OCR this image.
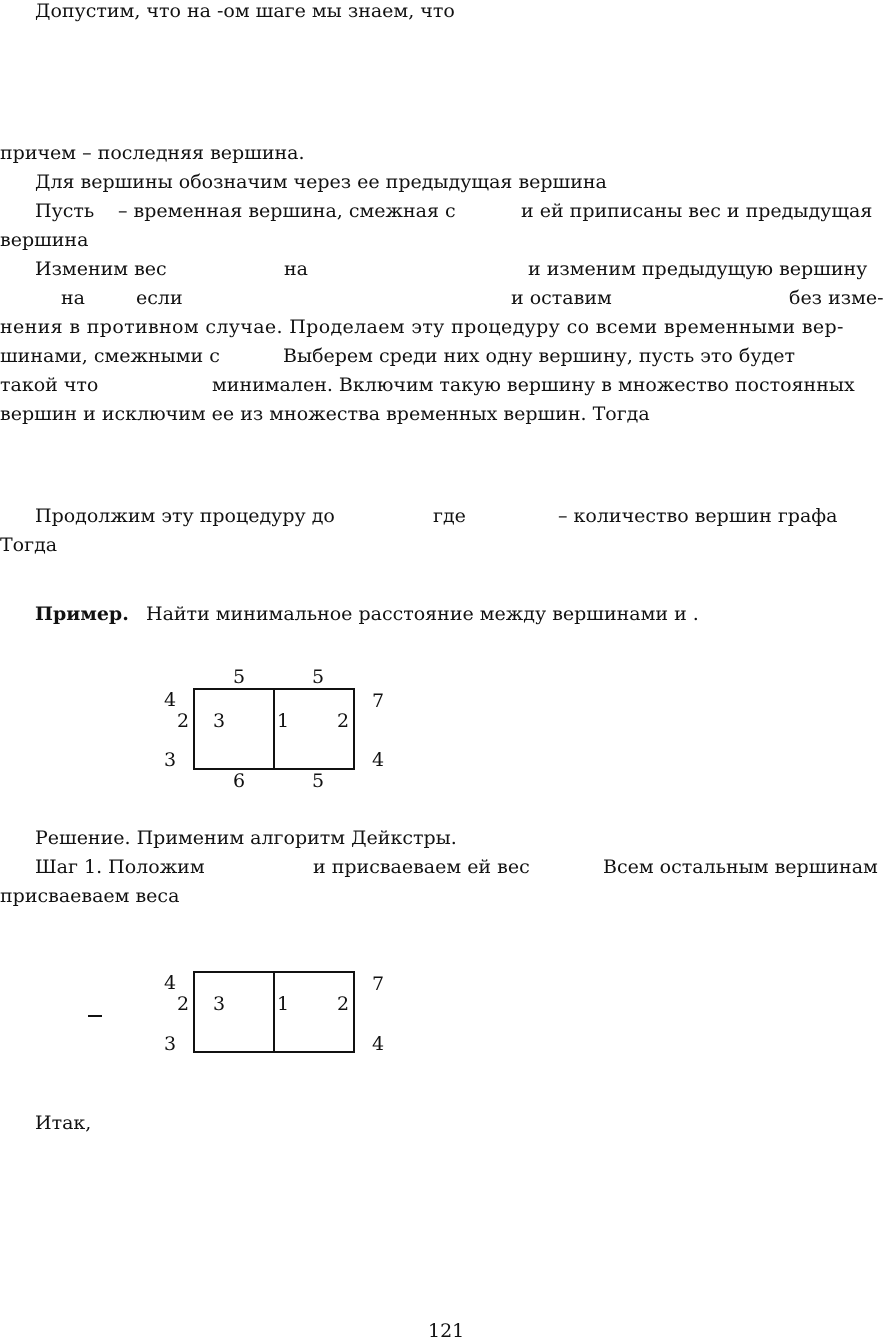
Допустим, что на -ом шаге мы знаем, что
причем – последняя вершина.
Для вершины обозначим через ее предыдущая вершина
Пусть – временная вершина, смежная с	и ей приписаны вес и предыдущая
вершина
Изменим вес	на	и изменим предыдущую вершину
на	если	и оставим	без изме-
нения в противном случае. Проделаем эту процедуру со всеми временными вер-
шинами, смежными с	Выберем среди них одну вершину, пусть это будет
такой что	минимален. Включим такую вершину в множество постоянных
вершин и исключим ее из множества временных вершин. Тогда
Продолжим эту процедуру до	где	– количество вершин графа
Тогда
Пример. Найти минимальное расстояние между вершинами и .
5	5
4
2 3	1	2
7
3	4
6	5
Решение. Применим алгоритм Дейкстры.
Шаг 1. Положим	и присваеваем ей вес	Всем остальным вершинам
присваеваем веса
4
2 3	1	2
7
3	4
Итак,
121
